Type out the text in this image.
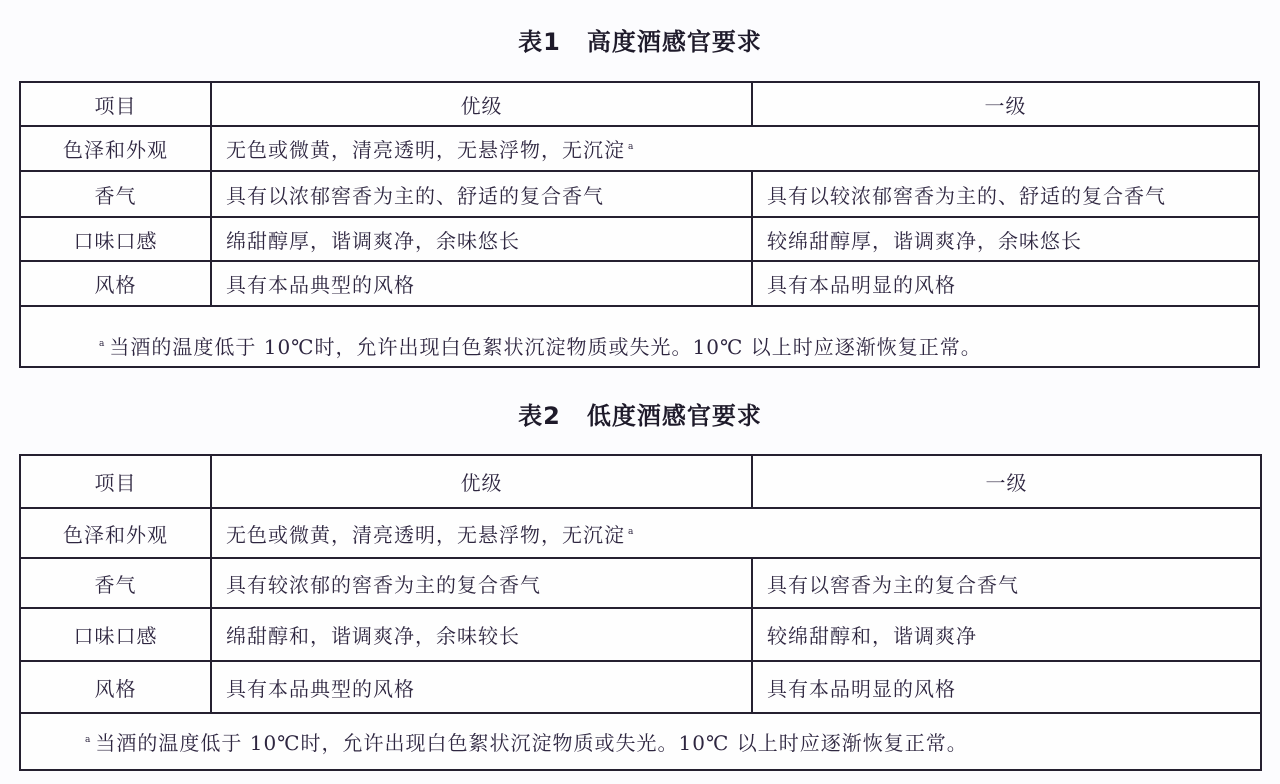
表1 高度酒感官要求
项目	优级	一级
色泽和外观	无色或微黄，清亮透明，无悬浮物，无沉淀 $^a$
香气	具有以浓郁窖香为主的、舒适的复合香气	具有以较浓郁窖香为主的、舒适的复合香气
口味口感	绵甜醇厚，谐调爽净，余味悠长	较绵甜醇厚，谐调爽净，余味悠长
风格	具有本品典型的风格	具有本品明显的风格
$^a$ 当酒的温度低于 10℃时，允许出现白色絮状沉淀物质或失光。10℃ 以上时应逐渐恢复正常。		
表2 低度酒感官要求
项目	优级	一级
色泽和外观	无色或微黄，清亮透明，无悬浮物，无沉淀 $^a$
香气	具有较浓郁的窖香为主的复合香气	具有以窖香为主的复合香气
口味口感	绵甜醇和，谐调爽净，余味较长	较绵甜醇和，谐调爽净
风格	具有本品典型的风格	具有本品明显的风格
$^a$ 当酒的温度低于 10℃时，允许出现白色絮状沉淀物质或失光。10℃ 以上时应逐渐恢复正常。		
